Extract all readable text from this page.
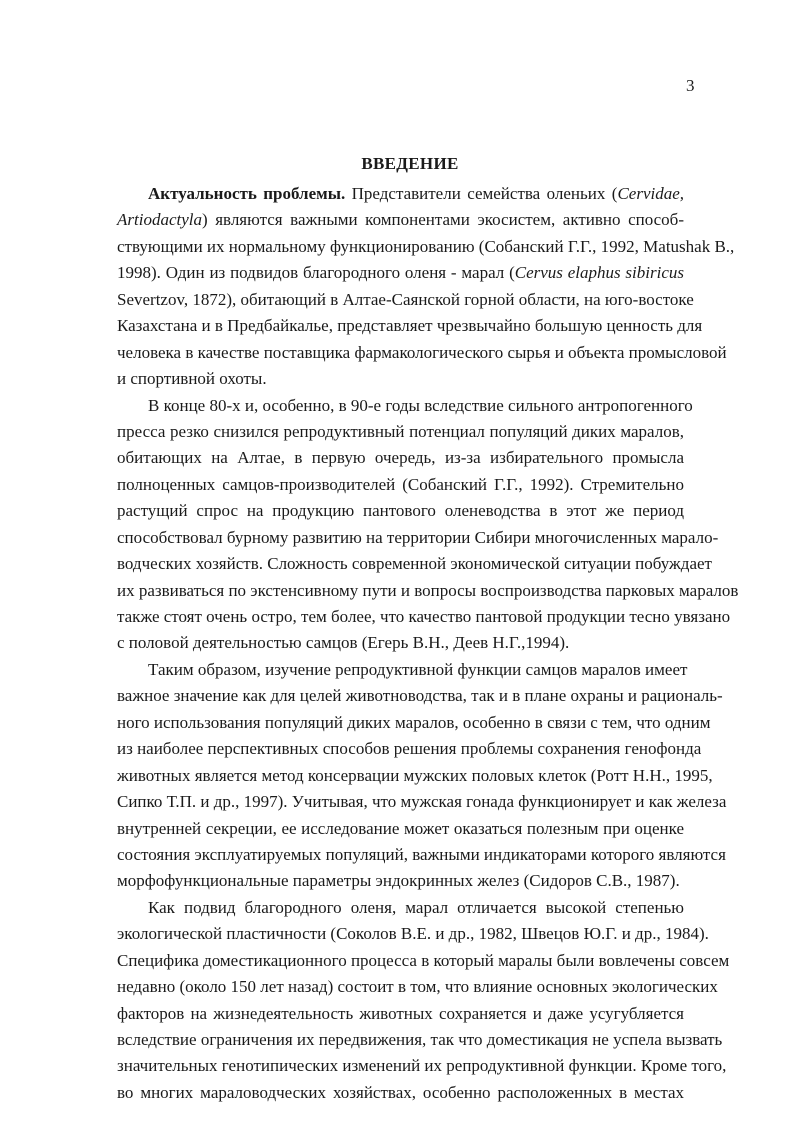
3
ВВЕДЕНИЕ
Актуальность проблемы. Представители семейства оленьих (Cervidae,
Artiodactyla) являются важными компонентами экосистем, активно способ-
ствующими их нормальному функционированию (Собанский Г.Г., 1992, Matushak B.,
1998). Один из подвидов благородного оленя - марал (Cervus elaphus sibiricus
Severtzov, 1872), обитающий в Алтае-Саянской горной области, на юго-востоке
Казахстана и в Предбайкалье, представляет чрезвычайно большую ценность для
человека в качестве поставщика фармакологического сырья и объекта промысловой
и спортивной охоты.
В конце 80-х и, особенно, в 90-е годы вследствие сильного антропогенного
пресса резко снизился репродуктивный потенциал популяций диких маралов,
обитающих на Алтае, в первую очередь, из-за избирательного промысла
полноценных самцов-производителей (Собанский Г.Г., 1992). Стремительно
растущий спрос на продукцию пантового оленеводства в этот же период
способствовал бурному развитию на территории Сибири многочисленных маралo-
водческих хозяйств. Сложность современной экономической ситуации побуждает
их развиваться по экстенсивному пути и вопросы воспроизводства парковых маралов
также стоят очень остро, тем более, что качество пантовой продукции тесно увязано
с половой деятельностью самцов (Егерь В.Н., Деев Н.Г.,1994).
Таким образом, изучение репродуктивной функции самцов маралов имеет
важное значение как для целей животноводства, так и в плане охраны и рациональ-
ного использования популяций диких маралов, особенно в связи с тем, что одним
из наиболее перспективных способов решения проблемы сохранения генофонда
животных является метод консервации мужских половых клеток (Ротт Н.Н., 1995,
Сипко Т.П. и др., 1997). Учитывая, что мужская гонада функционирует и как железа
внутренней секреции, ее исследование может оказаться полезным при оценке
состояния эксплуатируемых популяций, важными индикаторами которого являются
морфофункциональные параметры эндокринных желез (Сидоров С.В., 1987).
Как подвид благородного оленя, марал отличается высокой степенью
экологической пластичности (Соколов В.Е. и др., 1982, Швецов Ю.Г. и др., 1984).
Специфика доместикационного процесса в который маралы были вовлечены совсем
недавно (около 150 лет назад) состоит в том, что влияние основных экологических
факторов на жизнедеятельность животных сохраняется и даже усугубляется
вследствие ограничения их передвижения, так что доместикация не успела вызвать
значительных генотипических изменений их репродуктивной функции. Кроме того,
во многих мараловодческих хозяйствах, особенно расположенных в местах
